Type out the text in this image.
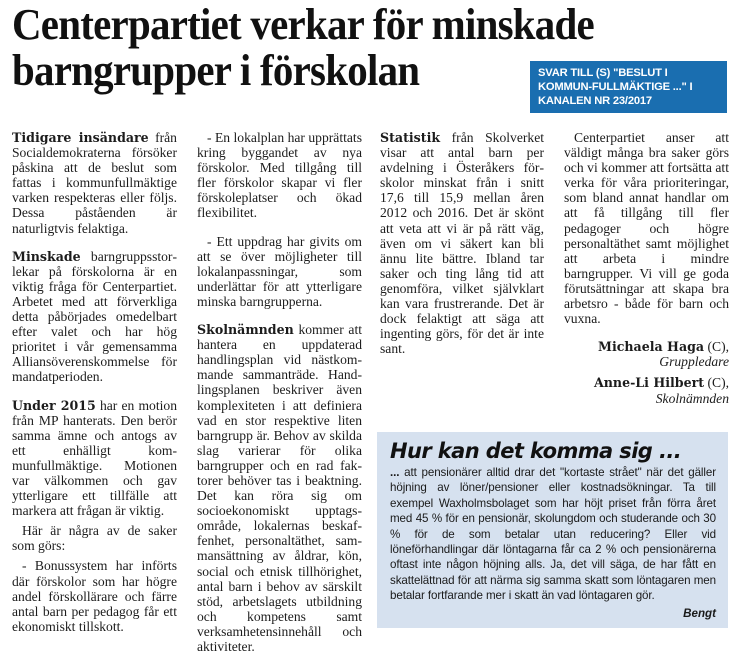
Centerpartiet verkar för minskade
barngrupper i förskolan	SVAR TILL (S) "BESLUT I KOMMUN-FULLMÄKTIGE ..." I KANALEN NR 23/2017

Tidigare insändare från Socialdemokraterna försöker påskina att de beslut som fattas i kommunfullmäktige varken respekteras eller följs. Dessa påståenden är naturligtvis felaktiga.

Minskade barngruppsstorlekar på förskolorna är en viktig fråga för Centerpartiet. Arbetet med att förverkliga detta påbörjades omedelbart efter valet och har hög prioritet i vår gemensamma Alliansöverenskommelse för mandatperioden.

Under 2015 har en motion från MP hanterats. Den berör samma ämne och antogs av ett enhälligt kommunfullmäktige. Motionen var välkommen och gav ytterligare ett tillfälle att markera att frågan är viktig.

Här är några av de saker som görs:

- Bonussystem har införts där förskolor som har högre andel förskollärare och färre antal barn per pedagog får ett ekonomiskt tillskott.

- En lokalplan har upprättats kring byggandet av nya förskolor. Med tillgång till fler förskolor skapar vi fler förskoleplatser och ökad flexibilitet.

- Ett uppdrag har givits om att se över möjligheter till lokalanpassningar, som underlättar för att ytterligare minska barngrupperna.

Skolnämnden kommer att hantera en uppdaterad handlingsplan vid nästkommande sammanträde. Handlingsplanen beskriver även komplexiteten i att definiera vad en stor respektive liten barngrupp är. Behov av skilda slag varierar för olika barngrupper och en rad faktorer behöver tas i beaktning. Det kan röra sig om socioekonomiskt upptagsområde, lokalernas beskaffenhet, personaltäthet, sammansättning av åldrar, kön, social och etnisk tillhörighet, antal barn i behov av särskilt stöd, arbetslagets utbildning och kompetens samt verksamhetensinnehåll och aktiviteter.

Statistik från Skolverket visar att antal barn per avdelning i Österåkers förskolor minskat från i snitt 17,6 till 15,9 mellan åren 2012 och 2016. Det är skönt att veta att vi är på rätt väg, även om vi säkert kan bli ännu lite bättre. Ibland tar saker och ting lång tid att genomföra, vilket självklart kan vara frustrerande. Det är dock felaktigt att säga att ingenting görs, för det är inte sant.

Centerpartiet anser att väldigt många bra saker görs och vi kommer att fortsätta att verka för våra prioriteringar, som bland annat handlar om att få tillgång till fler pedagoger och högre personaltäthet samt möjlighet att arbeta i mindre barngrupper. Vi vill ge goda förutsättningar att skapa bra arbetsro - både för barn och vuxna.

Michaela Haga (C),
Gruppledare
Anne-Li Hilbert (C),
Skolnämnden
Hur kan det komma sig ...
... att pensionärer alltid drar det "kortaste strået" när det gäller höjning av löner/pensioner eller kostnadsökningar. Ta till exempel Waxholmsbolaget som har höjt priset från förra året med 45 % för en pensionär, skolungdom och studerande och 30 % för de som betalar utan reducering? Eller vid löneförhandlingar där löntagarna får ca 2 % och pensionärerna oftast inte någon höjning alls. Ja, det vill säga, de har fått en skattelättnad för att närma sig samma skatt som löntagaren men betalar fortfarande mer i skatt än vad löntagaren gör.
Bengt
